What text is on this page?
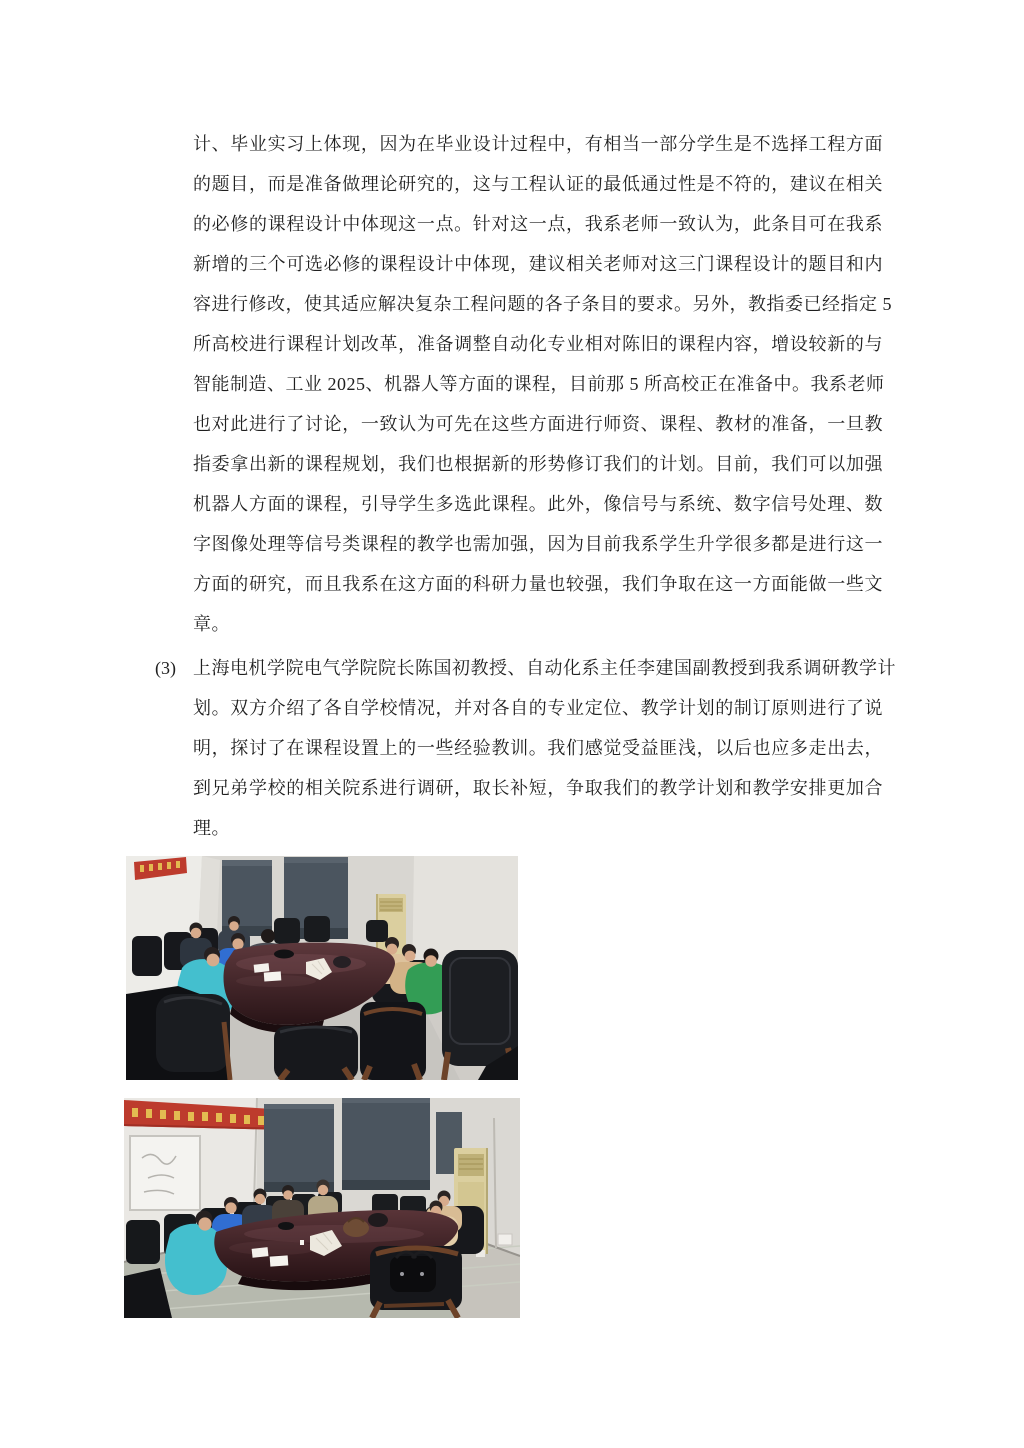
计、毕业实习上体现，因为在毕业设计过程中，有相当一部分学生是不选择工程方面
的题目，而是准备做理论研究的，这与工程认证的最低通过性是不符的，建议在相关
的必修的课程设计中体现这一点。针对这一点，我系老师一致认为，此条目可在我系
新增的三个可选必修的课程设计中体现，建议相关老师对这三门课程设计的题目和内
容进行修改，使其适应解决复杂工程问题的各子条目的要求。另外，教指委已经指定 5
所高校进行课程计划改革，准备调整自动化专业相对陈旧的课程内容，增设较新的与
智能制造、工业 2025、机器人等方面的课程，目前那 5 所高校正在准备中。我系老师
也对此进行了讨论，一致认为可先在这些方面进行师资、课程、教材的准备，一旦教
指委拿出新的课程规划，我们也根据新的形势修订我们的计划。目前，我们可以加强
机器人方面的课程，引导学生多选此课程。此外，像信号与系统、数字信号处理、数
字图像处理等信号类课程的教学也需加强，因为目前我系学生升学很多都是进行这一
方面的研究，而且我系在这方面的科研力量也较强，我们争取在这一方面能做一些文
章。
(3) 上海电机学院电气学院院长陈国初教授、自动化系主任李建国副教授到我系调研教学计
划。双方介绍了各自学校情况，并对各自的专业定位、教学计划的制订原则进行了说
明，探讨了在课程设置上的一些经验教训。我们感觉受益匪浅，以后也应多走出去，
到兄弟学校的相关院系进行调研，取长补短，争取我们的教学计划和教学安排更加合
理。
